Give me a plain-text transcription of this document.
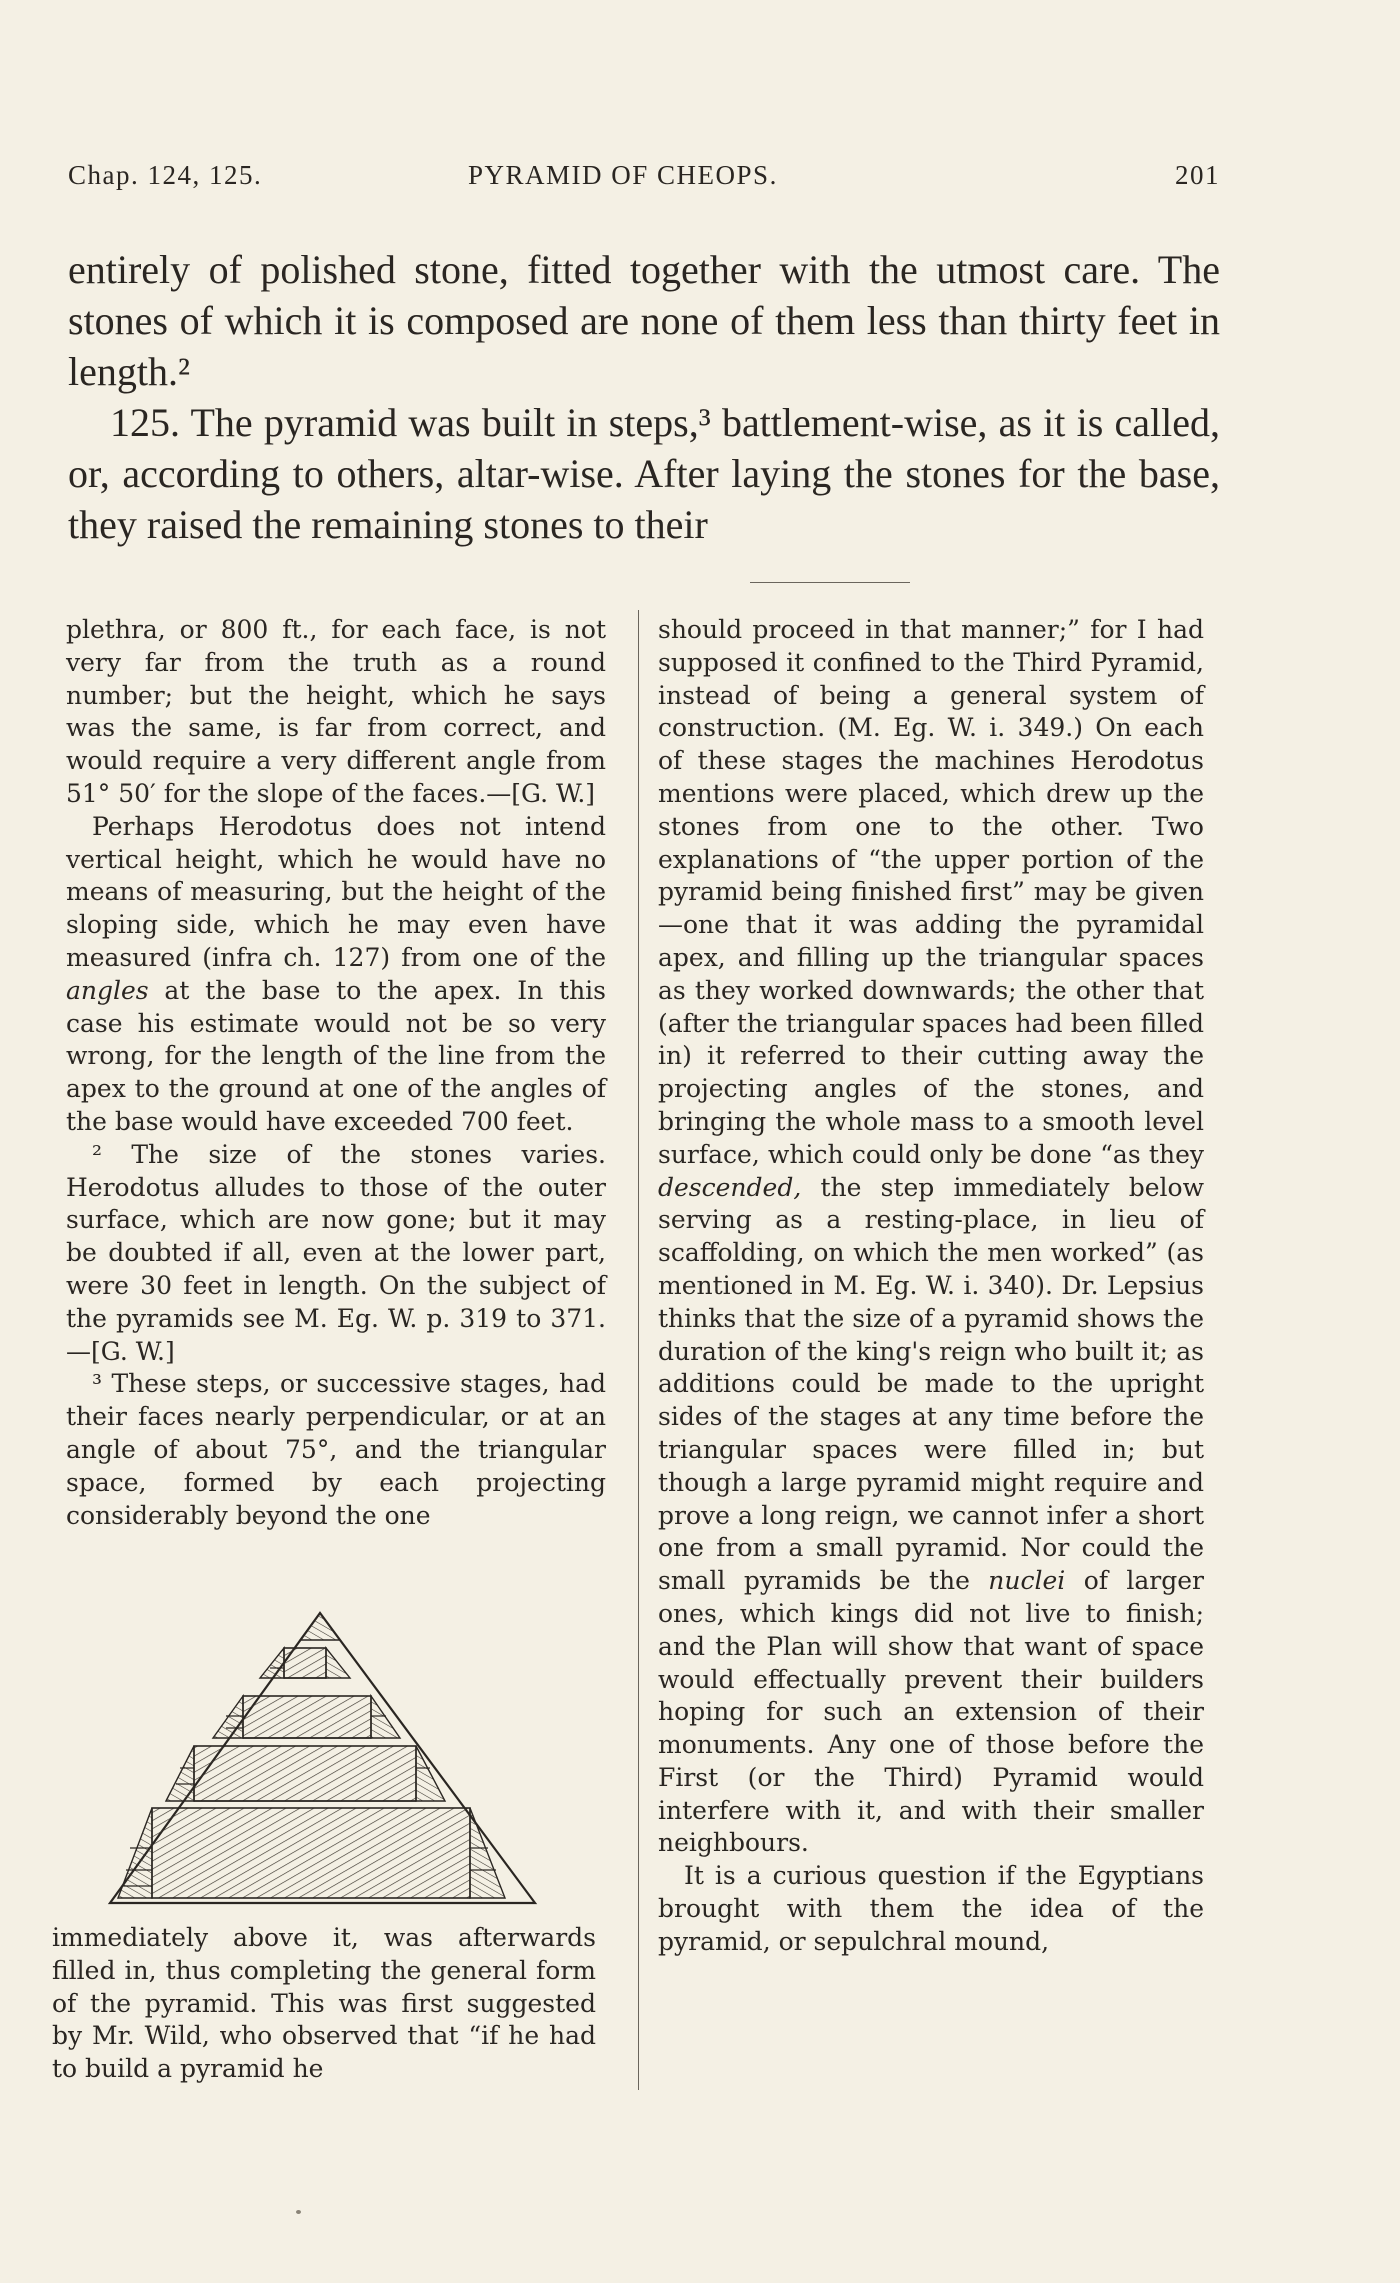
Chap. 124, 125.	PYRAMID OF CHEOPS.	201

entirely of polished stone, fitted together with the utmost care. The stones of which it is composed are none of them less than thirty feet in length.²

125. The pyramid was built in steps,³ battlement-wise, as it is called, or, according to others, altar-wise. After laying the stones for the base, they raised the remaining stones to their

plethra, or 800 ft., for each face, is not very far from the truth as a round number; but the height, which he says was the same, is far from correct, and would require a very different angle from 51° 50′ for the slope of the faces.—[G. W.]

Perhaps Herodotus does not intend vertical height, which he would have no means of measuring, but the height of the sloping side, which he may even have measured (infra ch. 127) from one of the angles at the base to the apex. In this case his estimate would not be so very wrong, for the length of the line from the apex to the ground at one of the angles of the base would have exceeded 700 feet.

² The size of the stones varies. Herodotus alludes to those of the outer surface, which are now gone; but it may be doubted if all, even at the lower part, were 30 feet in length. On the subject of the pyramids see M. Eg. W. p. 319 to 371.—[G. W.]

³ These steps, or successive stages, had their faces nearly perpendicular, or at an angle of about 75°, and the triangular space, formed by each projecting considerably beyond the one

immediately above it, was afterwards filled in, thus completing the general form of the pyramid. This was first suggested by Mr. Wild, who observed that “if he had to build a pyramid he

should proceed in that manner;” for I had supposed it confined to the Third Pyramid, instead of being a general system of construction. (M. Eg. W. i. 349.) On each of these stages the machines Herodotus mentions were placed, which drew up the stones from one to the other. Two explanations of “the upper portion of the pyramid being finished first” may be given—one that it was adding the pyramidal apex, and filling up the triangular spaces as they worked downwards; the other that (after the triangular spaces had been filled in) it referred to their cutting away the projecting angles of the stones, and bringing the whole mass to a smooth level surface, which could only be done “as they descended, the step immediately below serving as a resting-place, in lieu of scaffolding, on which the men worked” (as mentioned in M. Eg. W. i. 340). Dr. Lepsius thinks that the size of a pyramid shows the duration of the king's reign who built it; as additions could be made to the upright sides of the stages at any time before the triangular spaces were filled in; but though a large pyramid might require and prove a long reign, we cannot infer a short one from a small pyramid. Nor could the small pyramids be the nuclei of larger ones, which kings did not live to finish; and the Plan will show that want of space would effectually prevent their builders hoping for such an extension of their monuments. Any one of those before the First (or the Third) Pyramid would interfere with it, and with their smaller neighbours.

It is a curious question if the Egyptians brought with them the idea of the pyramid, or sepulchral mound,
